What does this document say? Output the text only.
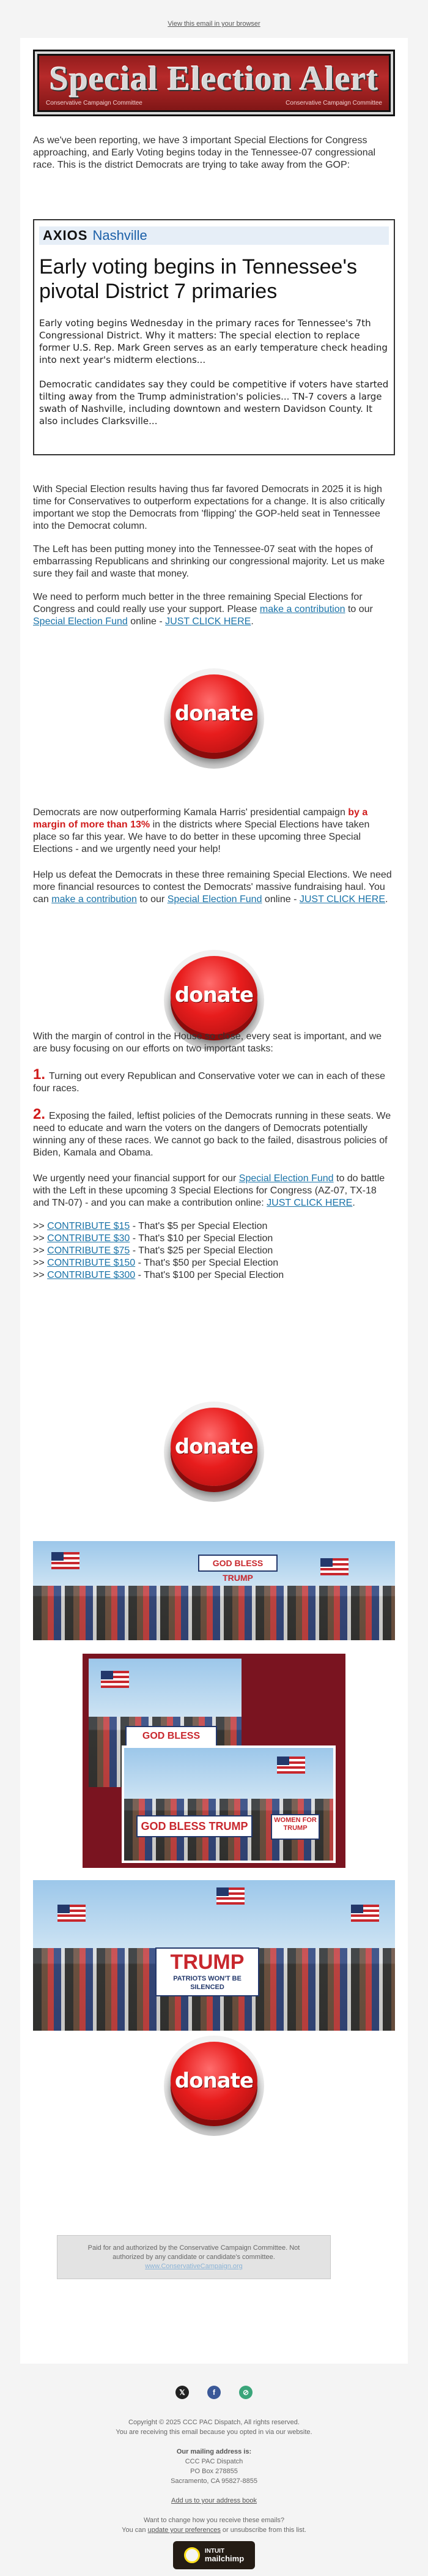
View this email in your browser
Special Election Alert
Conservative Campaign Committee	Conservative Campaign Committee
As we've been reporting, we have 3 important Special Elections for Congress approaching, and Early Voting begins today in the Tennessee-07 congressional race. This is the district Democrats are trying to take away from the GOP:
AXIOS Nashville
Early voting begins in Tennessee's pivotal District 7 primaries
Early voting begins Wednesday in the primary races for Tennessee's 7th Congressional District. Why it matters: The special election to replace former U.S. Rep. Mark Green serves as an early temperature check heading into next year's midterm elections...
Democratic candidates say they could be competitive if voters have started tilting away from the Trump administration's policies... TN-7 covers a large swath of Nashville, including downtown and western Davidson County. It also includes Clarksville...
With Special Election results having thus far favored Democrats in 2025 it is high time for Conservatives to outperform expectations for a change. It is also critically important we stop the Democrats from 'flipping' the GOP-held seat in Tennessee into the Democrat column.
The Left has been putting money into the Tennessee-07 seat with the hopes of embarrassing Republicans and shrinking our congressional majority. Let us make sure they fail and waste that money.
We need to perform much better in the three remaining Special Elections for Congress and could really use your support. Please make a contribution to our Special Election Fund online - JUST CLICK HERE.
donate
Democrats are now outperforming Kamala Harris' presidential campaign by a margin of more than 13% in the districts where Special Elections have taken place so far this year. We have to do better in these upcoming three Special Elections - and we urgently need your help!
Help us defeat the Democrats in these three remaining Special Elections. We need more financial resources to contest the Democrats' massive fundraising haul. You can make a contribution to our Special Election Fund online - JUST CLICK HERE.
donate
With the margin of control in the House so close, every seat is important, and we are busy focusing on our efforts on two important tasks:
1. Turning out every Republican and Conservative voter we can in each of these four races.
2. Exposing the failed, leftist policies of the Democrats running in these seats. We need to educate and warn the voters on the dangers of Democrats potentially winning any of these races. We cannot go back to the failed, disastrous policies of Biden, Kamala and Obama.
We urgently need your financial support for our Special Election Fund to do battle with the Left in these upcoming 3 Special Elections for Congress (AZ-07, TX-18 and TN-07) - and you can make a contribution online: JUST CLICK HERE.
>> CONTRIBUTE $15 - That's $5 per Special Election
>> CONTRIBUTE $30 - That's $10 per Special Election
>> CONTRIBUTE $75 - That's $25 per Special Election
>> CONTRIBUTE $150 - That's $50 per Special Election
>> CONTRIBUTE $300 - That's $100 per Special Election
donate
GOD BLESS TRUMP
GOD BLESS
GOD BLESS TRUMP	WOMEN FOR TRUMP
TRUMP
PATRIOTS WON'T BE SILENCED
donate
Paid for and authorized by the Conservative Campaign Committee. Not
authorized by any candidate or candidate's committee.
www.ConservativeCampaign.org
𝕏	f	⊘
Copyright © 2025 CCC PAC Dispatch, All rights reserved.
You are receiving this email because you opted in via our website.
Our mailing address is:
CCC PAC Dispatch
PO Box 278855
Sacramento, CA 95827-8855
Add us to your address book
Want to change how you receive these emails?
You can update your preferences or unsubscribe from this list.
INTUIT
mailchimp
